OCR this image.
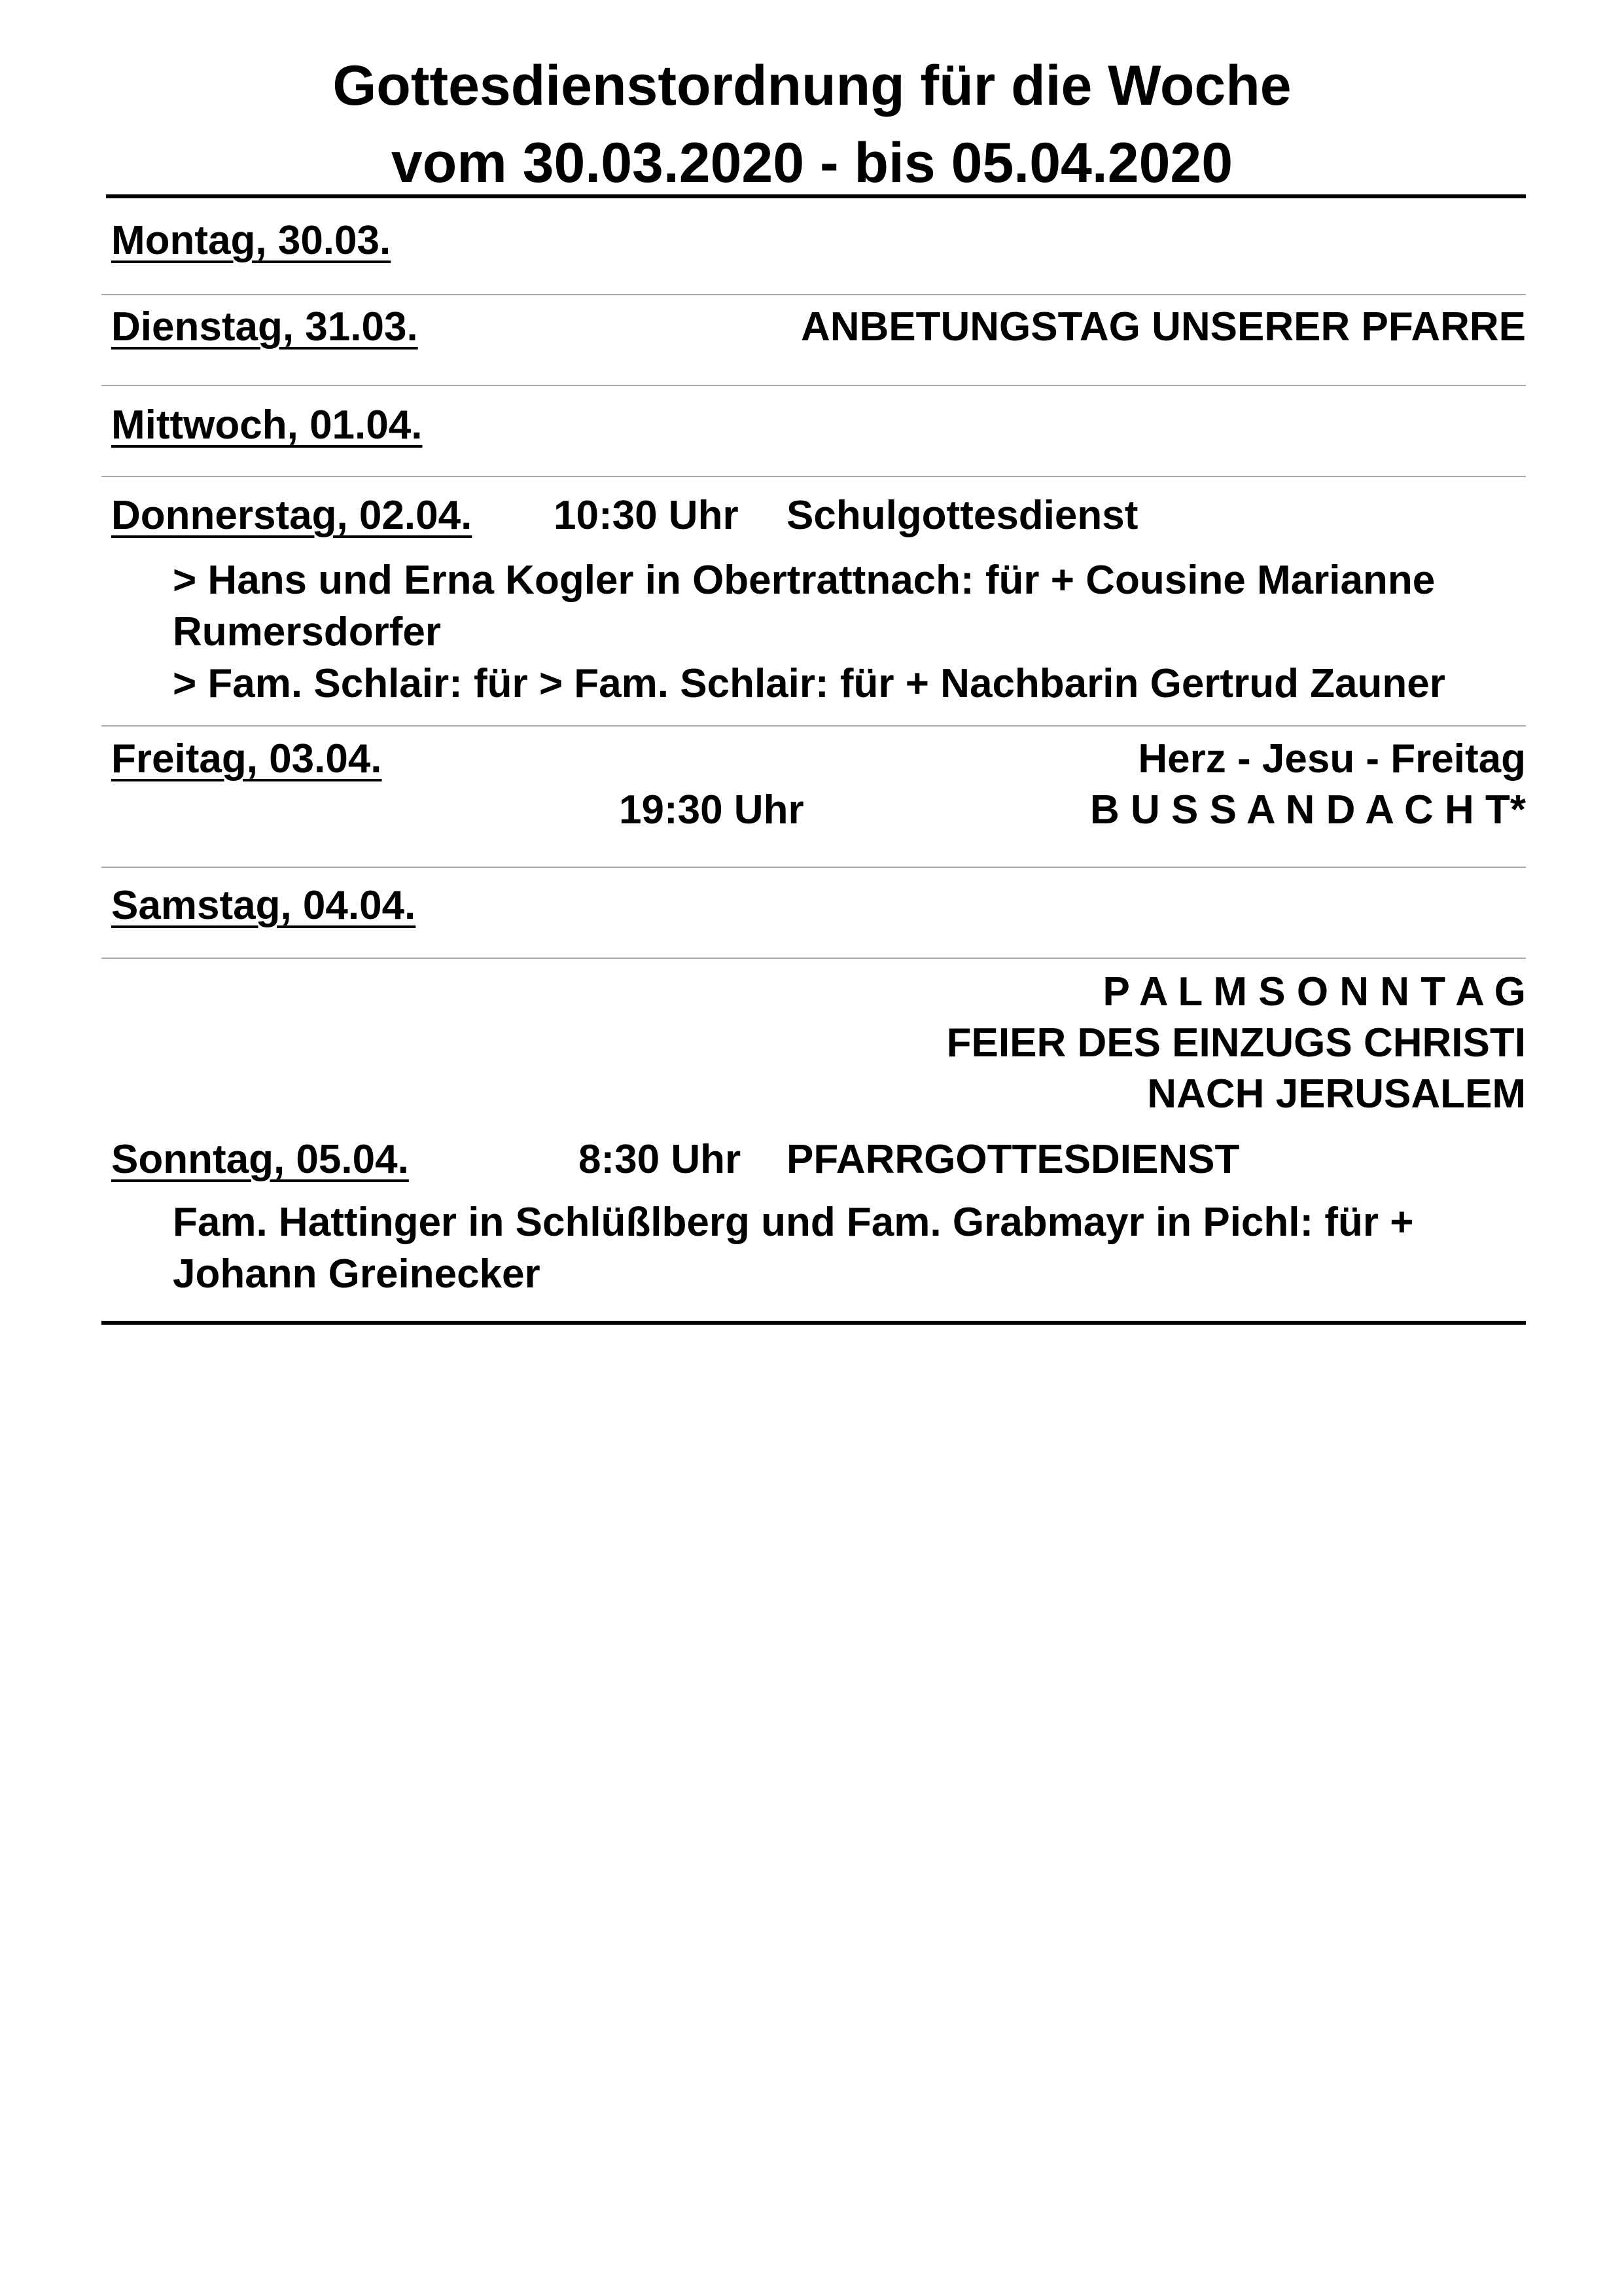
Gottesdienstordnung für die Woche
vom 30.03.2020 - bis 05.04.2020
Montag, 30.03.
Dienstag, 31.03.	ANBETUNGSTAG UNSERER PFARRE
Mittwoch, 01.04.
Donnerstag, 02.04. 10:30 Uhr Schulgottesdienst
> Hans und Erna Kogler in Obertrattnach: für + Cousine Marianne
Rumersdorfer
> Fam. Schlair: für > Fam. Schlair: für + Nachbarin Gertrud Zauner
Freitag, 03.04.	Herz - Jesu - Freitag
19:30 Uhr	B U S S A N D A C H T*
Samstag, 04.04.
P A L M S O N N T A G
FEIER DES EINZUGS CHRISTI
NACH JERUSALEM
Sonntag, 05.04.	8:30 Uhr PFARRGOTTESDIENST
Fam. Hattinger in Schlüßlberg und Fam. Grabmayr in Pichl: für +
Johann Greinecker
